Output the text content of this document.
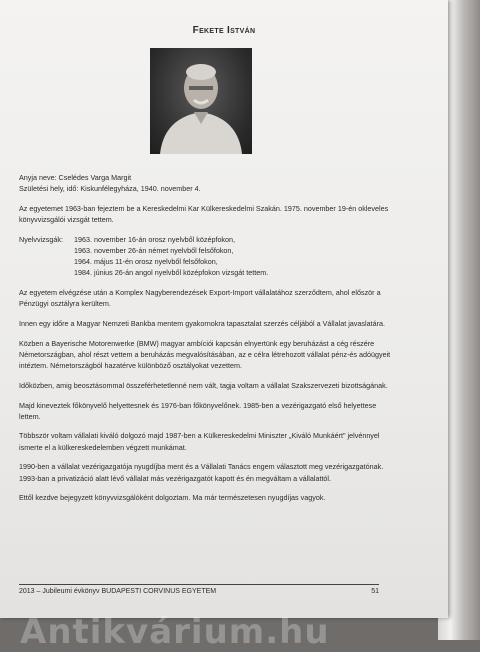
Fekete István

Anyja neve: Cselédes Varga Margit
Születési hely, idő: Kiskunfélegyháza, 1940. november 4.

Az egyetemet 1963-ban fejeztem be a Kereskedelmi Kar Külkereskedelmi Szakán. 1975. november 19-én okleveles könyvvizsgálói vizsgát tettem.

Nyelvvizsgák:	1963. november 16-án orosz nyelvből középfokon,
1963. november 26-án német nyelvből felsőfokon,
1964. május 11-én orosz nyelvből felsőfokon,
1984. június 26-án angol nyelvből középfokon vizsgát tettem.

Az egyetem elvégzése után a Komplex Nagyberendezések Export-Import vállalatához szerződtem, ahol először a Pénzügyi osztályra kerültem.

Innen egy időre a Magyar Nemzeti Bankba mentem gyakornokra tapasztalat szerzés céljából a Vállalat javaslatára.

Közben a Bayerische Motorenwerke (BMW) magyar ambíciói kapcsán elnyertünk egy beruházást a cég részére Németországban, ahol részt vettem a beruházás megvalósításában, az e célra létrehozott vállalat pénz-és adóügyeit intéztem. Németországból hazatérve különböző osztályokat vezettem.

Időközben, amig beosztásommal összeférhetetlenné nem vált, tagja voltam a vállalat Szakszervezeti bizottságának.

Majd kineveztek főkönyvelő helyettesnek és 1976-ban főkönyvelőnek. 1985-ben a vezérigazgató első helyettese lettem.

Többször voltam vállalati kiváló dolgozó majd 1987-ben a Külkereskedelmi Miniszter „Kiváló Munkáért" jelvénnyel ismerte el a külkereskedelemben végzett munkámat.

1990-ben a vállalat vezérigazgatója nyugdíjba ment és a Vállalati Tanács engem választott meg vezérigazgatónak. 1993-ban a privatizáció alatt lévő vállalat más vezérigazgatót kapott és én megváltam a vállalattól.

Ettől kezdve bejegyzett könyvvizsgálóként dolgoztam. Ma már természetesen nyugdíjas vagyok.

2013 – Jubileumi évkönyv BUDAPESTI CORVINUS EGYETEM	51
Antikvárium.hu
